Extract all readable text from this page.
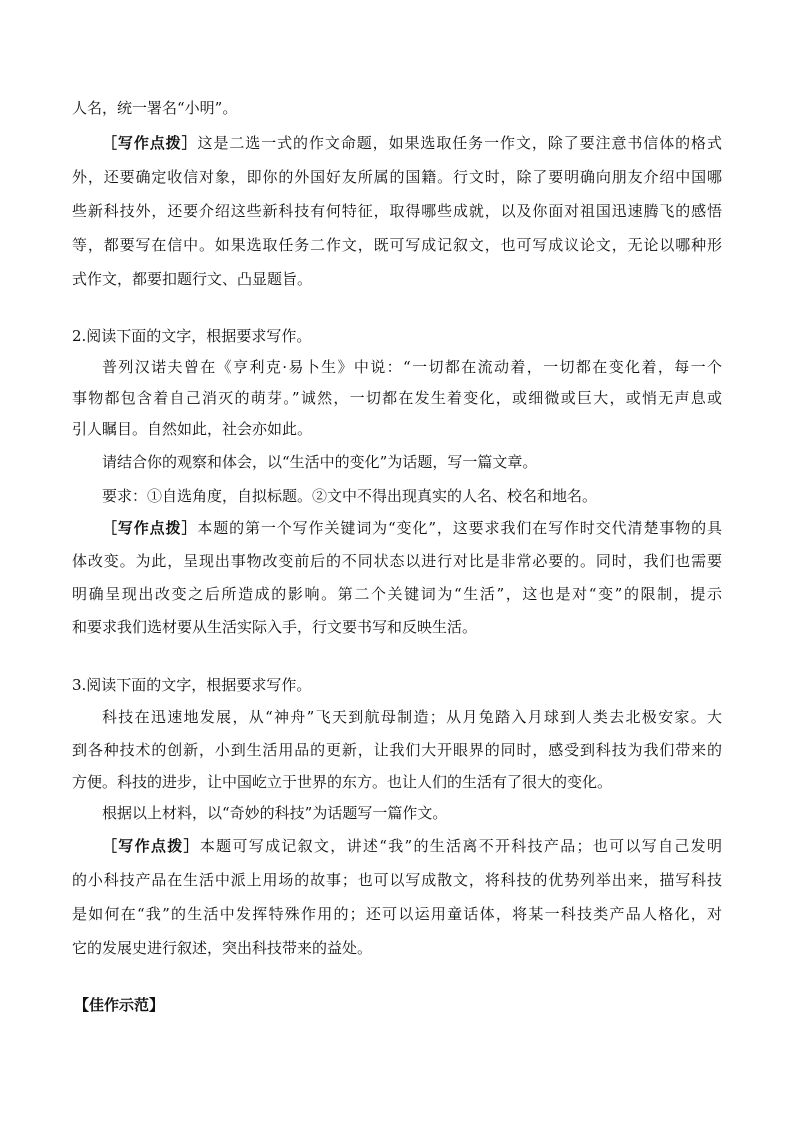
人名，统一署名“小明”。
［写作点拨］这是二选一式的作文命题，如果选取任务一作文，除了要注意书信体的格式
外，还要确定收信对象，即你的外国好友所属的国籍。行文时，除了要明确向朋友介绍中国哪
些新科技外，还要介绍这些新科技有何特征，取得哪些成就，以及你面对祖国迅速腾飞的感悟
等，都要写在信中。如果选取任务二作文，既可写成记叙文，也可写成议论文，无论以哪种形
式作文，都要扣题行文、凸显题旨。
2.阅读下面的文字，根据要求写作。
普列汉诺夫曾在《亨利克·易卜生》中说：“一切都在流动着，一切都在变化着，每一个
事物都包含着自己消灭的萌芽。”诚然，一切都在发生着变化，或细微或巨大，或悄无声息或
引人瞩目。自然如此，社会亦如此。
请结合你的观察和体会，以“生活中的变化”为话题，写一篇文章。
要求：①自选角度，自拟标题。②文中不得出现真实的人名、校名和地名。
［写作点拨］本题的第一个写作关键词为“变化”，这要求我们在写作时交代清楚事物的具
体改变。为此，呈现出事物改变前后的不同状态以进行对比是非常必要的。同时，我们也需要
明确呈现出改变之后所造成的影响。第二个关键词为“生活”，这也是对“变”的限制，提示
和要求我们选材要从生活实际入手，行文要书写和反映生活。
3.阅读下面的文字，根据要求写作。
科技在迅速地发展，从“神舟”飞天到航母制造；从月兔踏入月球到人类去北极安家。大
到各种技术的创新，小到生活用品的更新，让我们大开眼界的同时，感受到科技为我们带来的
方便。科技的进步，让中国屹立于世界的东方。也让人们的生活有了很大的变化。
根据以上材料，以“奇妙的科技”为话题写一篇作文。
［写作点拨］本题可写成记叙文，讲述“我”的生活离不开科技产品；也可以写自己发明
的小科技产品在生活中派上用场的故事；也可以写成散文，将科技的优势列举出来，描写科技
是如何在“我”的生活中发挥特殊作用的；还可以运用童话体，将某一科技类产品人格化，对
它的发展史进行叙述，突出科技带来的益处。
【佳作示范】
